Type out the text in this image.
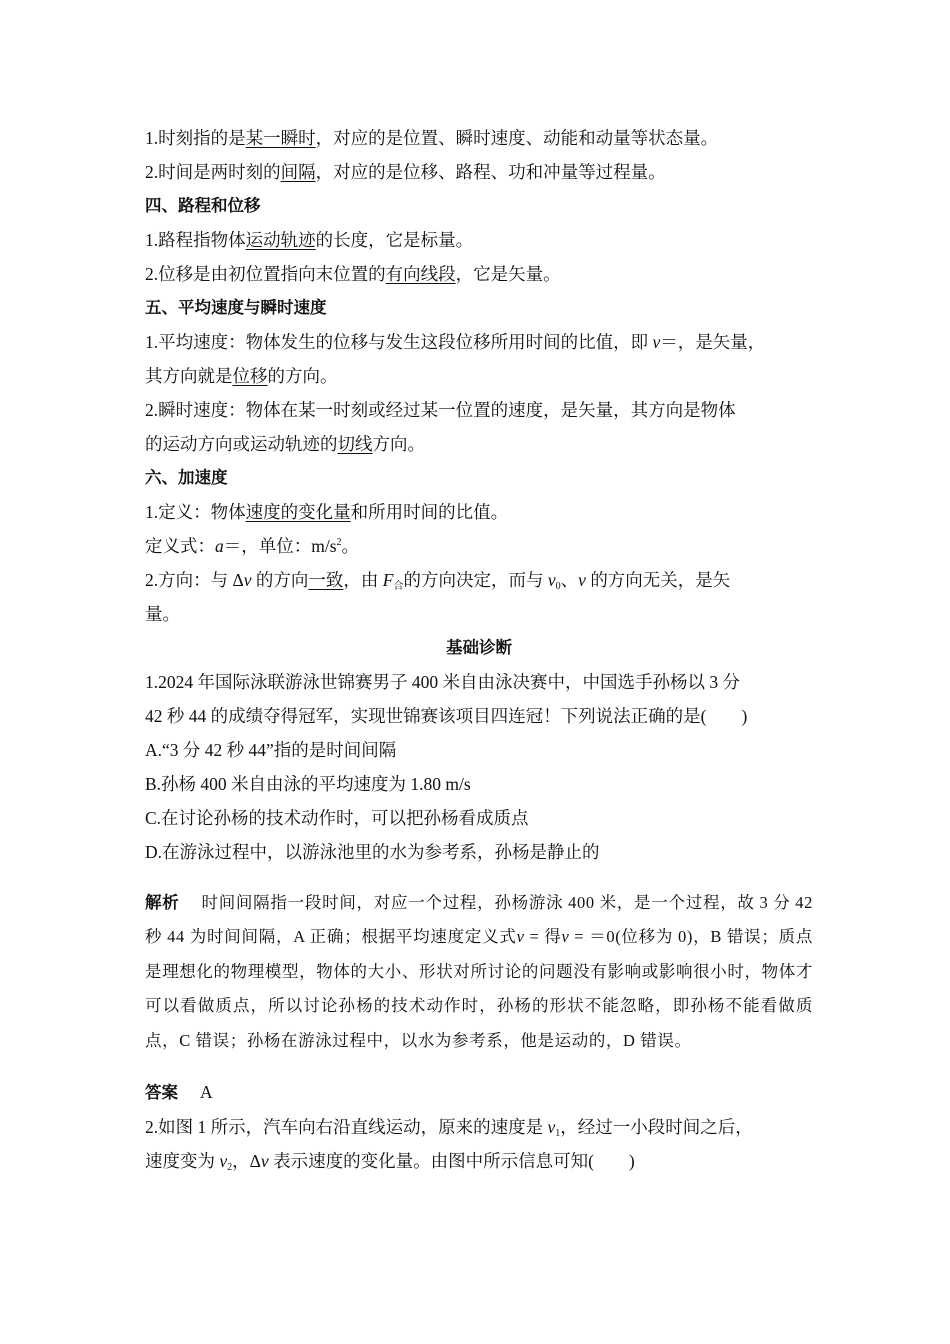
1.时刻指的是某一瞬时，对应的是位置、瞬时速度、动能和动量等状态量。

2.时间是两时刻的间隔，对应的是位移、路程、功和冲量等过程量。

四、路程和位移

1.路程指物体运动轨迹的长度，它是标量。

2.位移是由初位置指向末位置的有向线段，它是矢量。

五、平均速度与瞬时速度

1.平均速度：物体发生的位移与发生这段位移所用时间的比值，即 v＝，是矢量，

其方向就是位移的方向。

2.瞬时速度：物体在某一时刻或经过某一位置的速度，是矢量，其方向是物体

的运动方向或运动轨迹的切线方向。

六、加速度

1.定义：物体速度的变化量和所用时间的比值。

定义式：a＝，单位：$m/s^2$。

2.方向：与 Δv 的方向一致，由 $F_合$的方向决定，而与 $v_0$、v 的方向无关，是矢

量。

基础诊断

1.2024 年国际泳联游泳世锦赛男子 400 米自由泳决赛中，中国选手孙杨以 3 分

42 秒 44 的成绩夺得冠军，实现世锦赛该项目四连冠！下列说法正确的是(　　)

A.“3 分 42 秒 44”指的是时间间隔

B.孙杨 400 米自由泳的平均速度为 1.80 m/s

C.在讨论孙杨的技术动作时，可以把孙杨看成质点

D.在游泳过程中，以游泳池里的水为参考系，孙杨是静止的

解析 时间间隔指一段时间，对应一个过程，孙杨游泳 400 米，是一个过程，故 3 分 42 秒 44 为时间间隔，A 正确；根据平均速度定义式v = 得v = ＝0(位移为 0)，B 错误；质点是理想化的物理模型，物体的大小、形状对所讨论的问题没有影响或影响很小时，物体才可以看做质点，所以讨论孙杨的技术动作时，孙杨的形状不能忽略，即孙杨不能看做质点，C 错误；孙杨在游泳过程中，以水为参考系，他是运动的，D 错误。

答案 A

2.如图 1 所示，汽车向右沿直线运动，原来的速度是 $v_1$，经过一小段时间之后，

速度变为 $v_2$，Δv 表示速度的变化量。由图中所示信息可知(　　)
